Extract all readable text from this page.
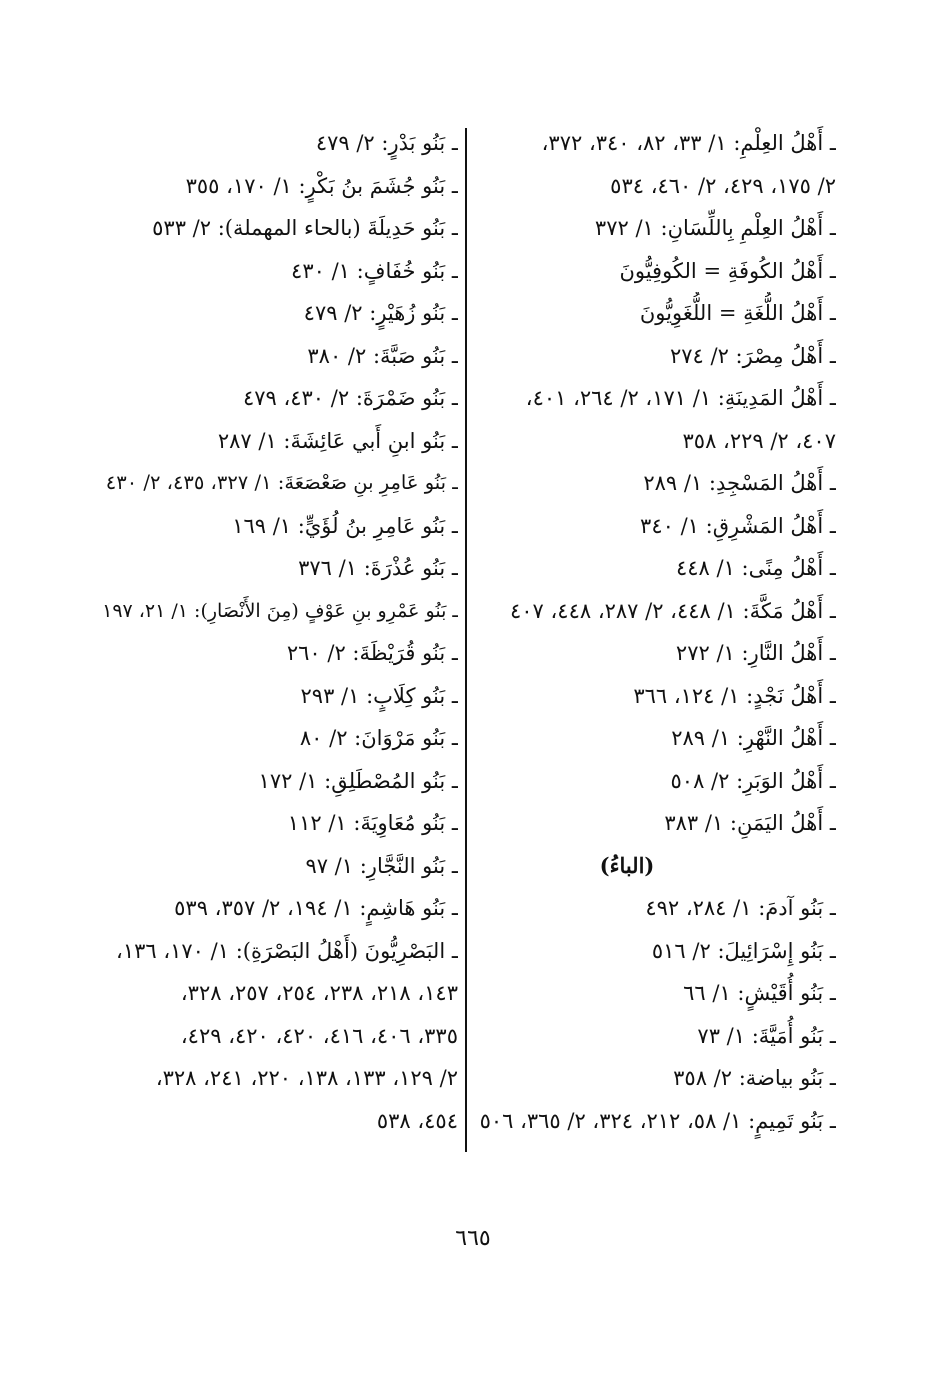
ـ أَهْلُ العِلْمِ: ١/ ٣٣، ٨٢، ٣٤٠، ٣٧٢،
٢/ ١٧٥، ٤٢٩، ٢/ ٤٦٠، ٥٣٤
ـ أَهْلُ العِلْمِ بِاللِّسَانِ: ١/ ٣٧٢
ـ أَهْلُ الكُوفَةِ = الكُوفِيُّونَ
ـ أَهْلُ اللُّغَةِ = اللُّغَوِيُّونَ
ـ أَهْلُ مِصْرَ: ٢/ ٢٧٤
ـ أَهْلُ المَدِينَةِ: ١/ ١٧١، ٢/ ٢٦٤، ٤٠١،
٤٠٧، ٢/ ٢٢٩، ٣٥٨
ـ أَهْلُ المَسْجِدِ: ١/ ٢٨٩
ـ أَهْلُ المَشْرِقِ: ١/ ٣٤٠
ـ أَهْلُ مِنًى: ١/ ٤٤٨
ـ أَهْلُ مَكَّةَ: ١/ ٤٤٨، ٢/ ٢٨٧، ٤٤٨، ٤٠٧
ـ أَهْلُ النَّارِ: ١/ ٢٧٢
ـ أَهْلُ نَجْدٍ: ١/ ١٢٤، ٣٦٦
ـ أَهْلُ النَّهْرِ: ١/ ٢٨٩
ـ أَهْلُ الوَبَرِ: ٢/ ٥٠٨
ـ أَهْلُ اليَمَنِ: ١/ ٣٨٣
(الباءُ)
ـ بَنُو آدمَ: ١/ ٢٨٤، ٤٩٢
ـ بَنُو إِسْرَائِيلَ: ٢/ ٥١٦
ـ بَنُو أُقَيْشٍ: ١/ ٦٦
ـ بَنُو أُمَيَّةَ: ١/ ٧٣
ـ بَنُو بياضة: ٢/ ٣٥٨
ـ بَنُو تَمِيمٍ: ١/ ٥٨، ٢١٢، ٣٢٤، ٢/ ٣٦٥، ٥٠٦
ـ بَنُو بَدْرٍ: ٢/ ٤٧٩
ـ بَنُو جُشَمَ بنُ بَكْرٍ: ١/ ١٧٠، ٣٥٥
ـ بَنُو حَدِيلَةَ (بالحاء المهملة): ٢/ ٥٣٣
ـ بَنُو خُفَافٍ: ١/ ٤٣٠
ـ بَنُو زُهَيْرٍ: ٢/ ٤٧٩
ـ بَنُو صَبَّةَ: ٢/ ٣٨٠
ـ بَنُو ضَمْرَةَ: ٢/ ٤٣٠، ٤٧٩
ـ بَنُو ابنِ أَبي عَائِشَةَ: ١/ ٢٨٧
ـ بَنُو عَامِرِ بنِ صَعْصَعَةَ: ١/ ٣٢٧، ٤٣٥، ٢/ ٤٣٠
ـ بَنُو عَامِرِ بنُ لُؤَيٍّ: ١/ ١٦٩
ـ بَنُو عُذْرَةَ: ١/ ٣٧٦
ـ بَنُو عَمْرِو بنِ عَوْفٍ (مِنَ الأَنْصَارِ): ١/ ٢١، ١٩٧
ـ بَنُو قُرَيْظَةَ: ٢/ ٢٦٠
ـ بَنُو كِلَابٍ: ١/ ٢٩٣
ـ بَنُو مَرْوَانَ: ٢/ ٨٠
ـ بَنُو المُصْطَلِقِ: ١/ ١٧٢
ـ بَنُو مُعَاوِيَةَ: ١/ ١١٢
ـ بَنُو النَّجَّارِ: ١/ ٩٧
ـ بَنُو هَاشِمٍ: ١/ ١٩٤، ٢/ ٣٥٧، ٥٣٩
ـ البَصْرِيُّونَ (أَهْلُ البَصْرَةِ): ١/ ١٧٠، ١٣٦،
١٤٣، ٢١٨، ٢٣٨، ٢٥٤، ٢٥٧، ٣٢٨،
٣٣٥، ٤٠٦، ٤١٦، ٤٢٠، ٤٢٠، ٤٢٩،
٢/ ١٢٩، ١٣٣، ١٣٨، ٢٢٠، ٢٤١، ٣٢٨،
٤٥٤، ٥٣٨
٦٦٥
